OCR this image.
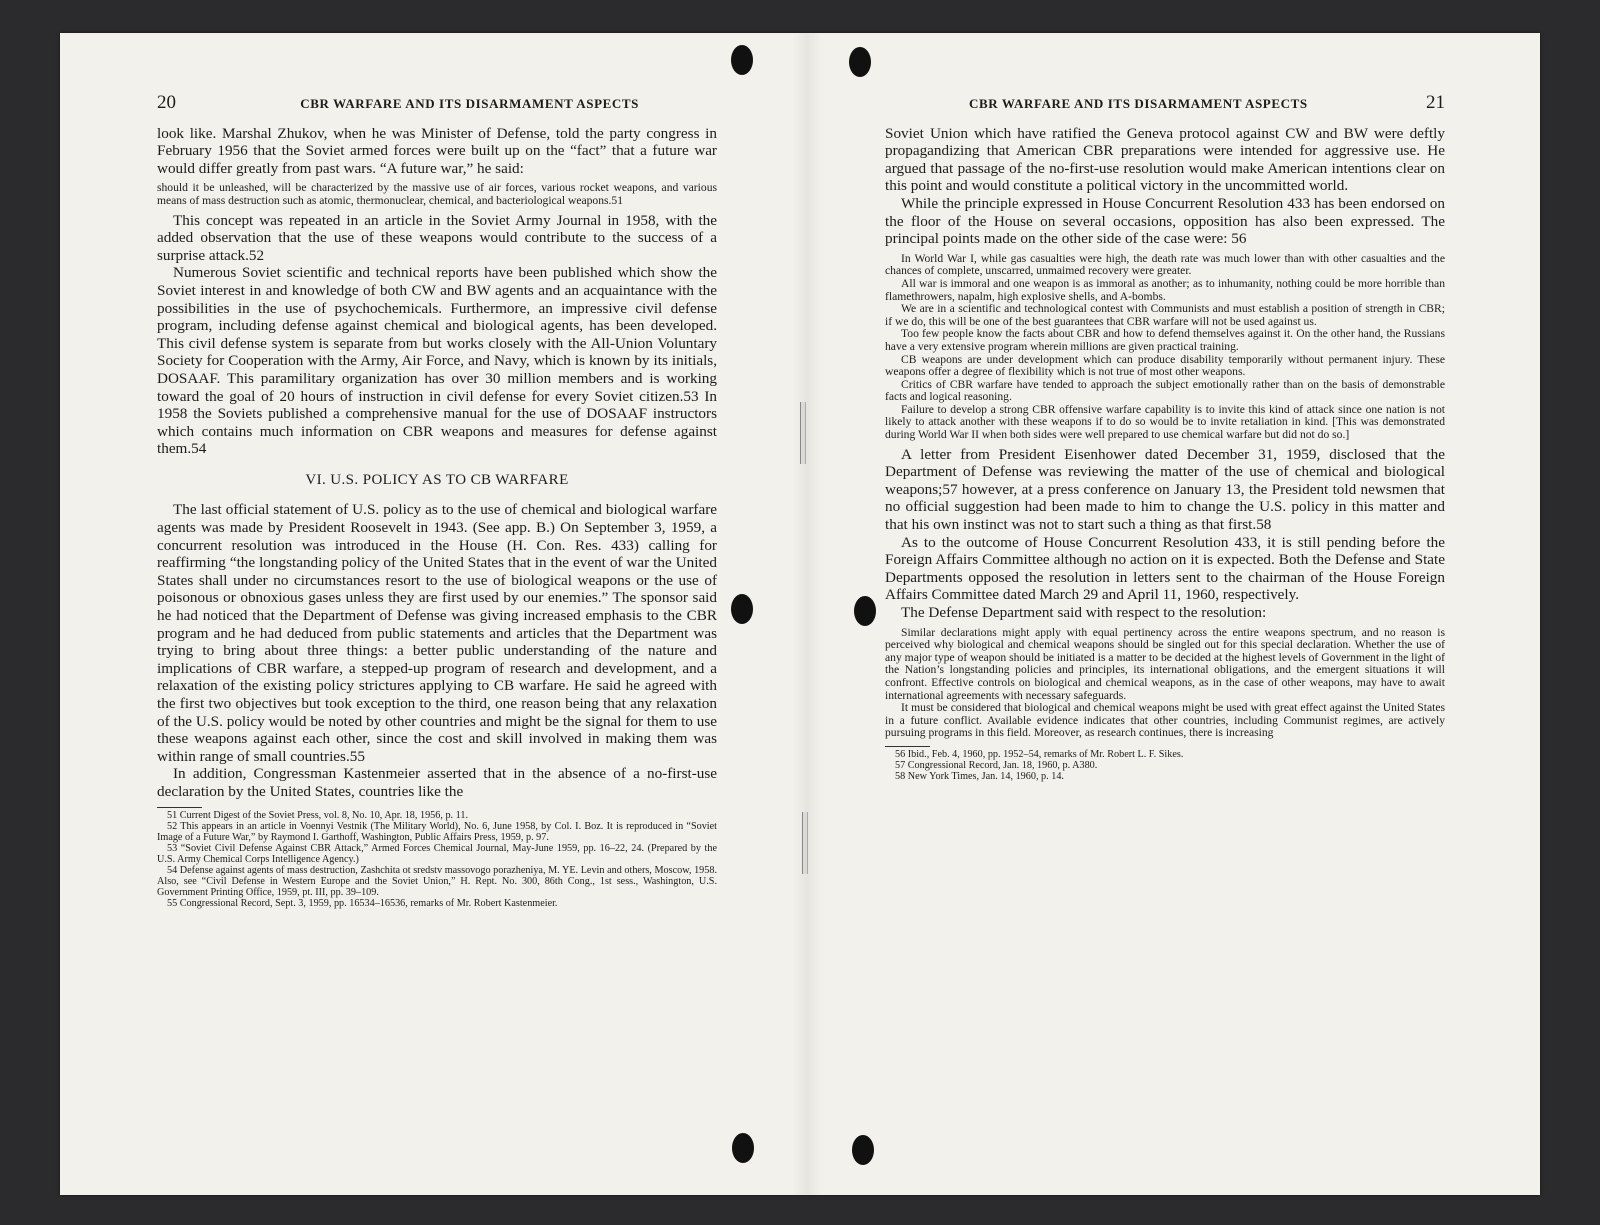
20	CBR WARFARE AND ITS DISARMAMENT ASPECTS

look like. Marshal Zhukov, when he was Minister of Defense, told the party congress in February 1956 that the Soviet armed forces were built up on the “fact” that a future war would differ greatly from past wars. “A future war,” he said:

should it be unleashed, will be characterized by the massive use of air forces, various rocket weapons, and various means of mass destruction such as atomic, thermonuclear, chemical, and bacteriological weapons.51

This concept was repeated in an article in the Soviet Army Journal in 1958, with the added observation that the use of these weapons would contribute to the success of a surprise attack.52

Numerous Soviet scientific and technical reports have been published which show the Soviet interest in and knowledge of both CW and BW agents and an acquaintance with the possibilities in the use of psychochemicals. Furthermore, an impressive civil defense program, including defense against chemical and biological agents, has been developed. This civil defense system is separate from but works closely with the All-Union Voluntary Society for Cooperation with the Army, Air Force, and Navy, which is known by its initials, DOSAAF. This paramilitary organization has over 30 million members and is working toward the goal of 20 hours of instruction in civil defense for every Soviet citizen.53 In 1958 the Soviets published a comprehensive manual for the use of DOSAAF instructors which contains much information on CBR weapons and measures for defense against them.54

VI. U.S. POLICY AS TO CB WARFARE

The last official statement of U.S. policy as to the use of chemical and biological warfare agents was made by President Roosevelt in 1943. (See app. B.) On September 3, 1959, a concurrent resolution was introduced in the House (H. Con. Res. 433) calling for reaffirming “the longstanding policy of the United States that in the event of war the United States shall under no circumstances resort to the use of biological weapons or the use of poisonous or obnoxious gases unless they are first used by our enemies.” The sponsor said he had noticed that the Department of Defense was giving increased emphasis to the CBR program and he had deduced from public statements and articles that the Department was trying to bring about three things: a better public understanding of the nature and implications of CBR warfare, a stepped-up program of research and development, and a relaxation of the existing policy strictures applying to CB warfare. He said he agreed with the first two objectives but took exception to the third, one reason being that any relaxation of the U.S. policy would be noted by other countries and might be the signal for them to use these weapons against each other, since the cost and skill involved in making them was within range of small countries.55

In addition, Congressman Kastenmeier asserted that in the absence of a no-first-use declaration by the United States, countries like the

51 Current Digest of the Soviet Press, vol. 8, No. 10, Apr. 18, 1956, p. 11.
52 This appears in an article in Voennyi Vestnik (The Military World), No. 6, June 1958, by Col. I. Boz. It is reproduced in “Soviet Image of a Future War,” by Raymond I. Garthoff, Washington, Public Affairs Press, 1959, p. 97.
53 “Soviet Civil Defense Against CBR Attack,” Armed Forces Chemical Journal, May-June 1959, pp. 16–22, 24. (Prepared by the U.S. Army Chemical Corps Intelligence Agency.)
54 Defense against agents of mass destruction, Zashchita ot sredstv massovogo porazheniya, M. YE. Levin and others, Moscow, 1958. Also, see “Civil Defense in Western Europe and the Soviet Union,” H. Rept. No. 300, 86th Cong., 1st sess., Washington, U.S. Government Printing Office, 1959, pt. III, pp. 39–109.
55 Congressional Record, Sept. 3, 1959, pp. 16534–16536, remarks of Mr. Robert Kastenmeier.
CBR WARFARE AND ITS DISARMAMENT ASPECTS	21

Soviet Union which have ratified the Geneva protocol against CW and BW were deftly propagandizing that American CBR preparations were intended for aggressive use. He argued that passage of the no-first-use resolution would make American intentions clear on this point and would constitute a political victory in the uncommitted world.

While the principle expressed in House Concurrent Resolution 433 has been endorsed on the floor of the House on several occasions, opposition has also been expressed. The principal points made on the other side of the case were: 56

In World War I, while gas casualties were high, the death rate was much lower than with other casualties and the chances of complete, unscarred, unmaimed recovery were greater.

All war is immoral and one weapon is as immoral as another; as to inhumanity, nothing could be more horrible than flamethrowers, napalm, high explosive shells, and A-bombs.

We are in a scientific and technological contest with Communists and must establish a position of strength in CBR; if we do, this will be one of the best guarantees that CBR warfare will not be used against us.

Too few people know the facts about CBR and how to defend themselves against it. On the other hand, the Russians have a very extensive program wherein millions are given practical training.

CB weapons are under development which can produce disability temporarily without permanent injury. These weapons offer a degree of flexibility which is not true of most other weapons.

Critics of CBR warfare have tended to approach the subject emotionally rather than on the basis of demonstrable facts and logical reasoning.

Failure to develop a strong CBR offensive warfare capability is to invite this kind of attack since one nation is not likely to attack another with these weapons if to do so would be to invite retaliation in kind. [This was demonstrated during World War II when both sides were well prepared to use chemical warfare but did not do so.]

A letter from President Eisenhower dated December 31, 1959, disclosed that the Department of Defense was reviewing the matter of the use of chemical and biological weapons;57 however, at a press conference on January 13, the President told newsmen that no official suggestion had been made to him to change the U.S. policy in this matter and that his own instinct was not to start such a thing as that first.58

As to the outcome of House Concurrent Resolution 433, it is still pending before the Foreign Affairs Committee although no action on it is expected. Both the Defense and State Departments opposed the resolution in letters sent to the chairman of the House Foreign Affairs Committee dated March 29 and April 11, 1960, respectively.

The Defense Department said with respect to the resolution:

Similar declarations might apply with equal pertinency across the entire weapons spectrum, and no reason is perceived why biological and chemical weapons should be singled out for this special declaration. Whether the use of any major type of weapon should be initiated is a matter to be decided at the highest levels of Government in the light of the Nation’s longstanding policies and principles, its international obligations, and the emergent situations it will confront. Effective controls on biological and chemical weapons, as in the case of other weapons, may have to await international agreements with necessary safeguards.

It must be considered that biological and chemical weapons might be used with great effect against the United States in a future conflict. Available evidence indicates that other countries, including Communist regimes, are actively pursuing programs in this field. Moreover, as research continues, there is increasing

56 Ibid., Feb. 4, 1960, pp. 1952–54, remarks of Mr. Robert L. F. Sikes.
57 Congressional Record, Jan. 18, 1960, p. A380.
58 New York Times, Jan. 14, 1960, p. 14.
